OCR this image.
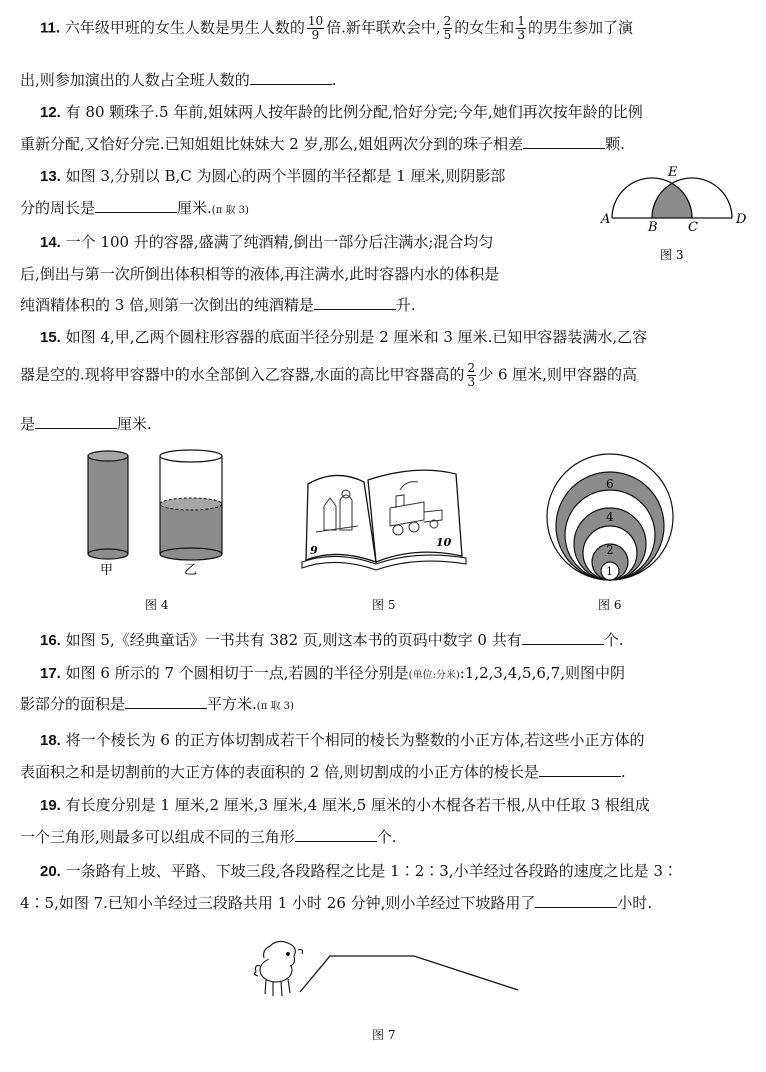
11. 六年级甲班的女生人数是男生人数的 $\frac{10}{9}$ 倍.新年联欢会中, $\frac{2}{5}$ 的女生和 $\frac{1}{3}$ 的男生参加了演
出,则参加演出的人数占全班人数的	.
12. 有 80 颗珠子.5 年前,姐妹两人按年龄的比例分配,恰好分完;今年,她们再次按年龄的比例
重新分配,又恰好分完.已知姐姐比妹妹大 2 岁,那么,姐姐两次分到的珠子相差	颗.
13. 如图 3,分别以 B,C 为圆心的两个半圆的半径都是 1 厘米,则阴影部
分的周长是	厘米.(π 取 3)
A
B C
D
E
图 3
14. 一个 100 升的容器,盛满了纯酒精,倒出一部分后注满水;混合均匀
后,倒出与第一次所倒出体积相等的液体,再注满水,此时容器内水的体积是
纯酒精体积的 3 倍,则第一次倒出的纯酒精是	升.
15. 如图 4,甲,乙两个圆柱形容器的底面半径分别是 2 厘米和 3 厘米.已知甲容器装满水,乙容
器是空的.现将甲容器中的水全部倒入乙容器,水面的高比甲容器高的 $\frac{2}{3}$ 少 6 厘米,则甲容器的高
是	厘米.
甲	乙
图 4
9
10
图 5
7
6
5
4
3
2
1
图 6
16. 如图 5,《经典童话》一书共有 382 页,则这本书的页码中数字 0 共有	个.
17. 如图 6 所示的 7 个圆相切于一点,若圆的半径分别是(单位:分米):1,2,3,4,5,6,7,则图中阴
影部分的面积是	平方米.(π 取 3)
18. 将一个棱长为 6 的正方体切割成若干个相同的棱长为整数的小正方体,若这些小正方体的
表面积之和是切割前的大正方体的表面积的 2 倍,则切割成的小正方体的棱长是	.
19. 有长度分别是 1 厘米,2 厘米,3 厘米,4 厘米,5 厘米的小木棍各若干根,从中任取 3 根组成
一个三角形,则最多可以组成不同的三角形	个.
20. 一条路有上坡、平路、下坡三段,各段路程之比是 1∶2∶3,小羊经过各段路的速度之比是 3∶
4∶5,如图 7.已知小羊经过三段路共用 1 小时 26 分钟,则小羊经过下坡路用了	小时.
图 7
